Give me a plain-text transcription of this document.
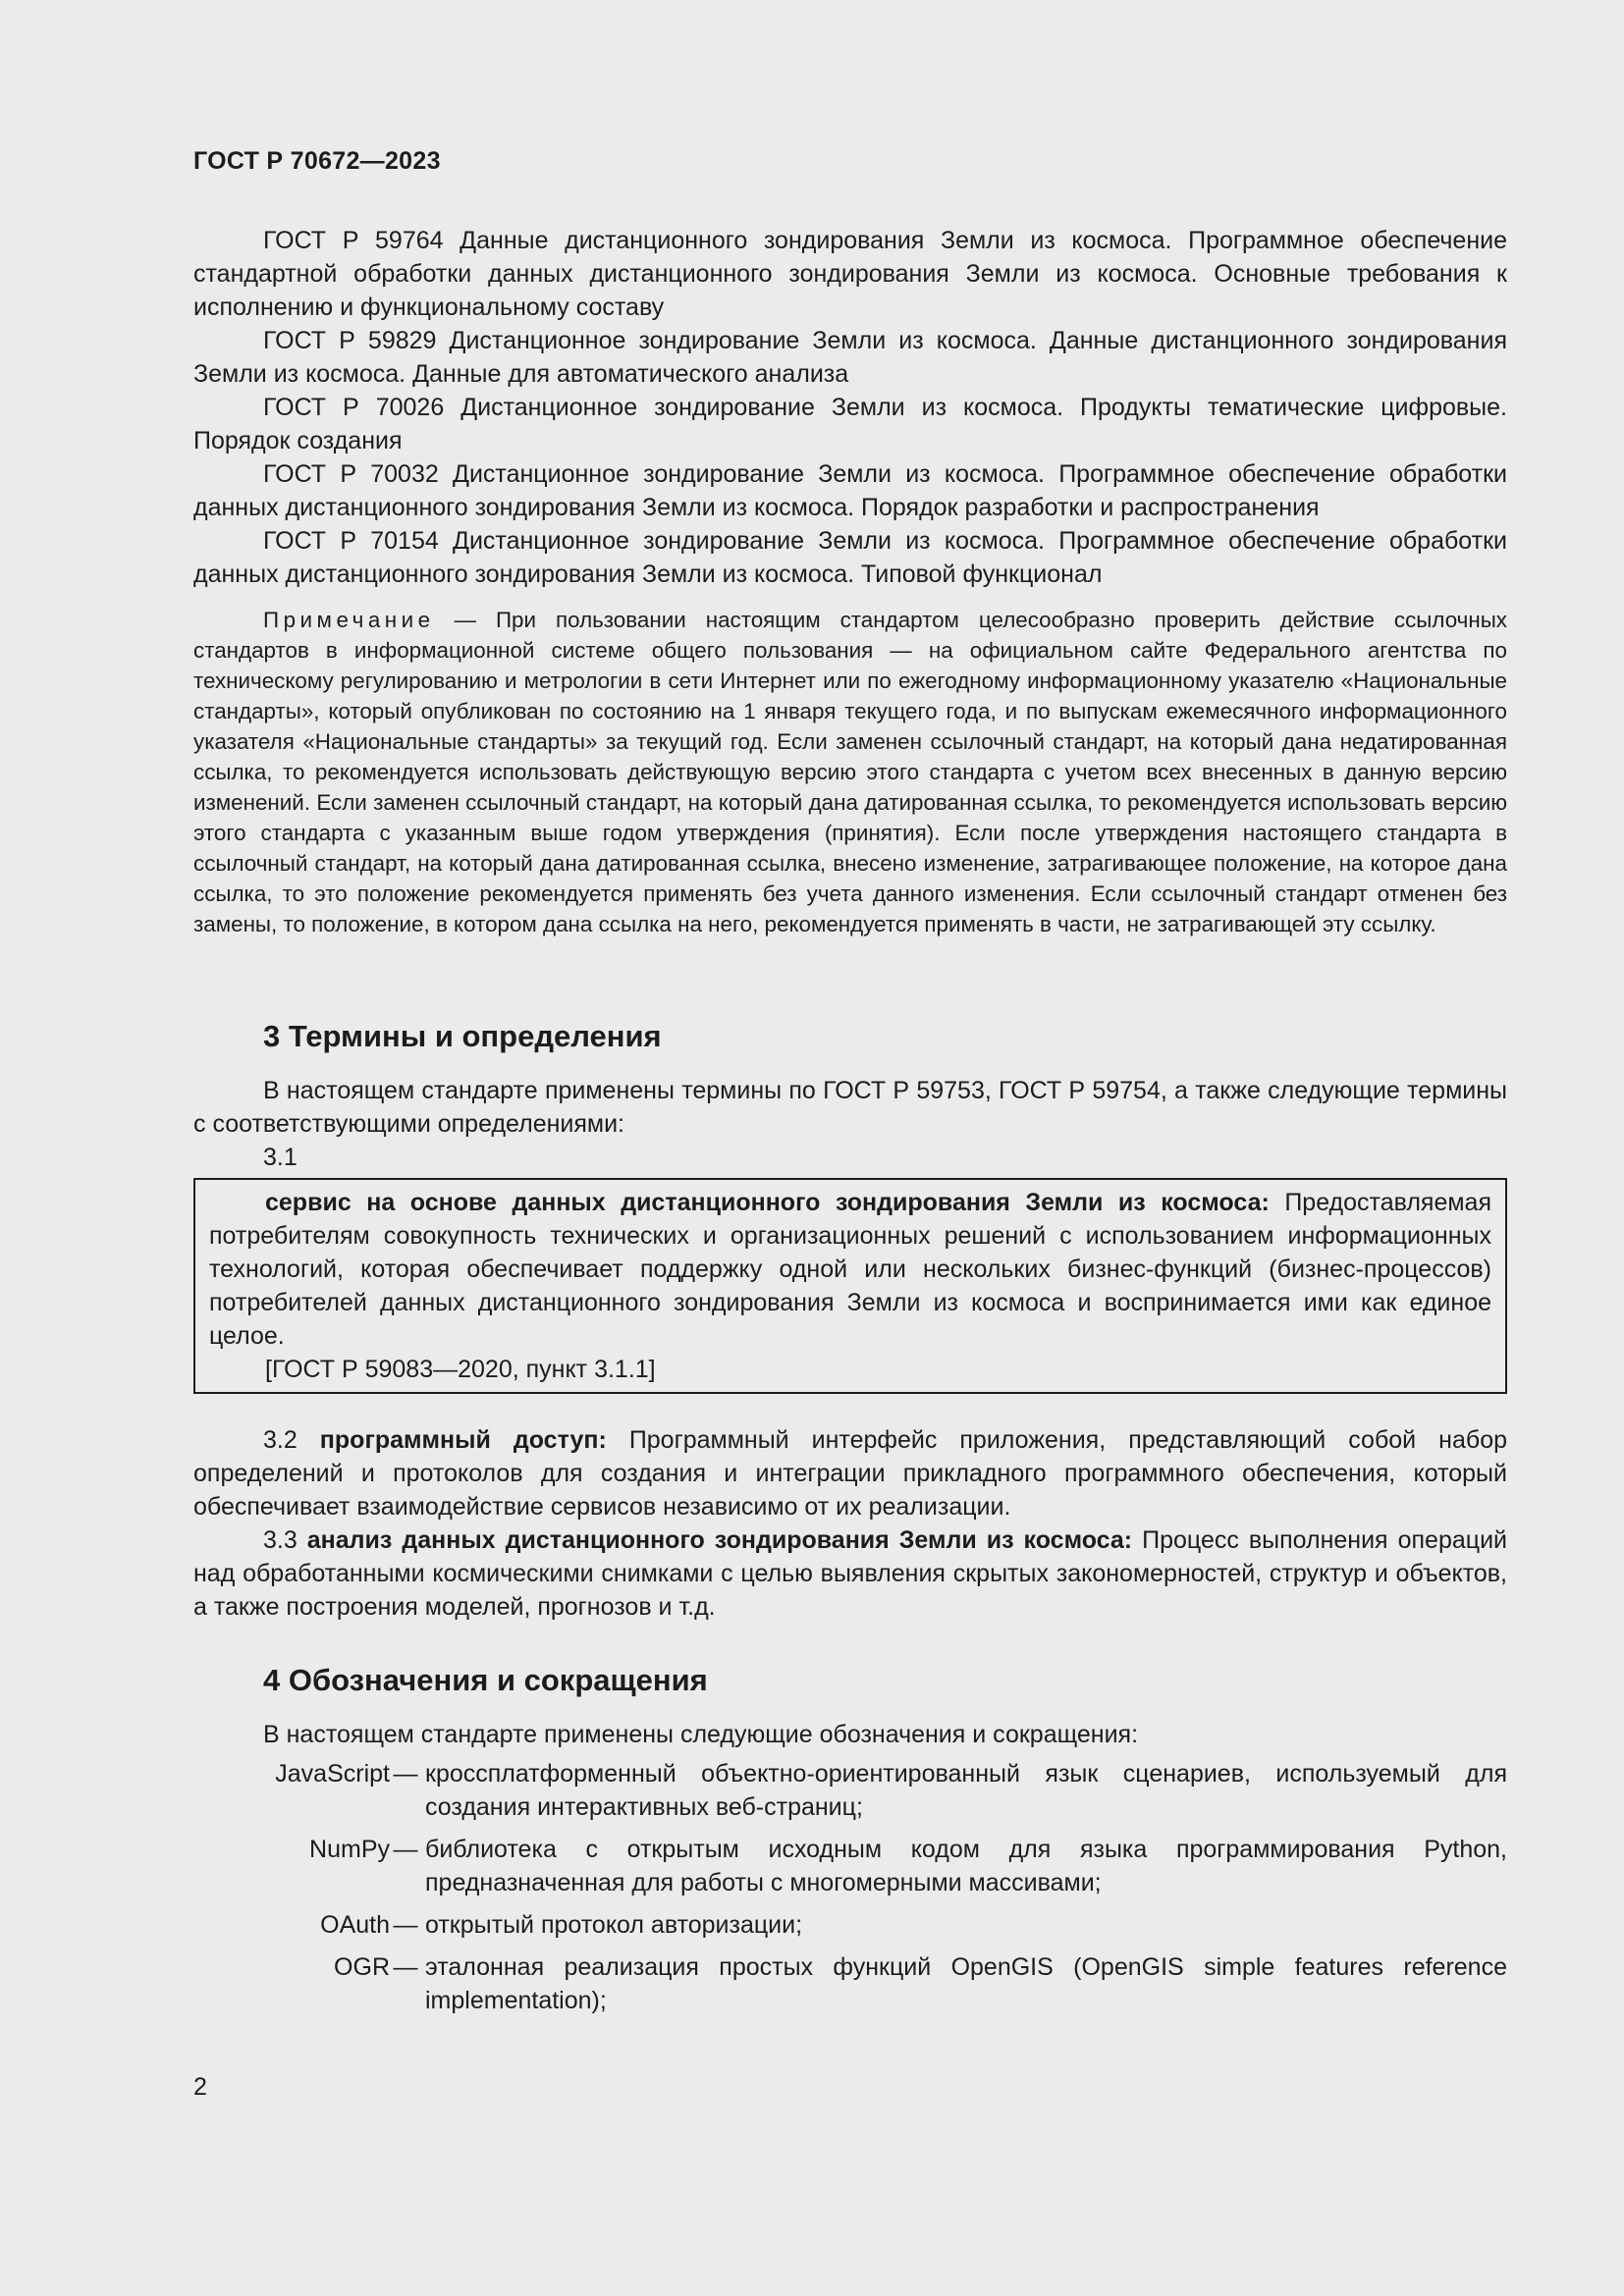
ГОСТ Р 70672—2023

ГОСТ Р 59764 Данные дистанционного зондирования Земли из космоса. Программное обеспечение стандартной обработки данных дистанционного зондирования Земли из космоса. Основные требования к исполнению и функциональному составу

ГОСТ Р 59829 Дистанционное зондирование Земли из космоса. Данные дистанционного зондирования Земли из космоса. Данные для автоматического анализа

ГОСТ Р 70026 Дистанционное зондирование Земли из космоса. Продукты тематические цифровые. Порядок создания

ГОСТ Р 70032 Дистанционное зондирование Земли из космоса. Программное обеспечение обработки данных дистанционного зондирования Земли из космоса. Порядок разработки и распространения

ГОСТ Р 70154 Дистанционное зондирование Земли из космоса. Программное обеспечение обработки данных дистанционного зондирования Земли из космоса. Типовой функционал

Примечание — При пользовании настоящим стандартом целесообразно проверить действие ссылочных стандартов в информационной системе общего пользования — на официальном сайте Федерального агентства по техническому регулированию и метрологии в сети Интернет или по ежегодному информационному указателю «Национальные стандарты», который опубликован по состоянию на 1 января текущего года, и по выпускам ежемесячного информационного указателя «Национальные стандарты» за текущий год. Если заменен ссылочный стандарт, на который дана недатированная ссылка, то рекомендуется использовать действующую версию этого стандарта с учетом всех внесенных в данную версию изменений. Если заменен ссылочный стандарт, на который дана датированная ссылка, то рекомендуется использовать версию этого стандарта с указанным выше годом утверждения (принятия). Если после утверждения настоящего стандарта в ссылочный стандарт, на который дана датированная ссылка, внесено изменение, затрагивающее положение, на которое дана ссылка, то это положение рекомендуется применять без учета данного изменения. Если ссылочный стандарт отменен без замены, то положение, в котором дана ссылка на него, рекомендуется применять в части, не затрагивающей эту ссылку.

3 Термины и определения

В настоящем стандарте применены термины по ГОСТ Р 59753, ГОСТ Р 59754, а также следующие термины с соответствующими определениями:

3.1

сервис на основе данных дистанционного зондирования Земли из космоса: Предоставляемая потребителям совокупность технических и организационных решений с использованием информационных технологий, которая обеспечивает поддержку одной или нескольких бизнес-функций (бизнес-процессов) потребителей данных дистанционного зондирования Земли из космоса и воспринимается ими как единое целое.

[ГОСТ Р 59083—2020, пункт 3.1.1]

3.2 программный доступ: Программный интерфейс приложения, представляющий собой набор определений и протоколов для создания и интеграции прикладного программного обеспечения, который обеспечивает взаимодействие сервисов независимо от их реализации.

3.3 анализ данных дистанционного зондирования Земли из космоса: Процесс выполнения операций над обработанными космическими снимками с целью выявления скрытых закономерностей, структур и объектов, а также построения моделей, прогнозов и т.д.

4 Обозначения и сокращения

В настоящем стандарте применены следующие обозначения и сокращения:

JavaScript — кроссплатформенный объектно-ориентированный язык сценариев, используемый для создания интерактивных веб-страниц;
NumPy — библиотека с открытым исходным кодом для языка программирования Python, предназначенная для работы с многомерными массивами;
OAuth — открытый протокол авторизации;
OGR — эталонная реализация простых функций OpenGIS (OpenGIS simple features reference implementation);
2
